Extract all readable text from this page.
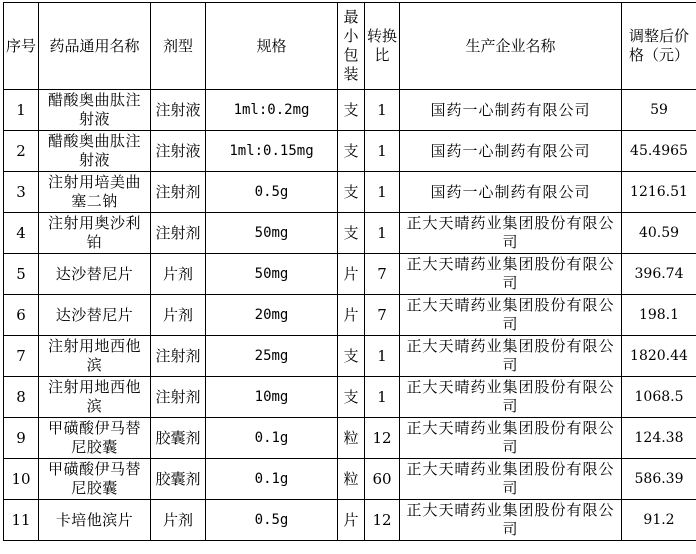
序号	药品通用名称	剂型	规格	最小包装	转换比	生产企业名称	调整后价格（元）
1	醋酸奥曲肽注射液	注射液	1ml:0.2mg	支	1	国药一心制药有限公司	59
2	醋酸奥曲肽注射液	注射液	1ml:0.15mg	支	1	国药一心制药有限公司	45.4965
3	注射用培美曲塞二钠	注射剂	0.5g	支	1	国药一心制药有限公司	1216.51
4	注射用奥沙利铂	注射剂	50mg	支	1	正大天晴药业集团股份有限公司	40.59
5	达沙替尼片	片剂	50mg	片	7	正大天晴药业集团股份有限公司	396.74
6	达沙替尼片	片剂	20mg	片	7	正大天晴药业集团股份有限公司	198.1
7	注射用地西他滨	注射剂	25mg	支	1	正大天晴药业集团股份有限公司	1820.44
8	注射用地西他滨	注射剂	10mg	支	1	正大天晴药业集团股份有限公司	1068.5
9	甲磺酸伊马替尼胶囊	胶囊剂	0.1g	粒	12	正大天晴药业集团股份有限公司	124.38
10	甲磺酸伊马替尼胶囊	胶囊剂	0.1g	粒	60	正大天晴药业集团股份有限公司	586.39
11	卡培他滨片	片剂	0.5g	片	12	正大天晴药业集团股份有限公司	91.2
